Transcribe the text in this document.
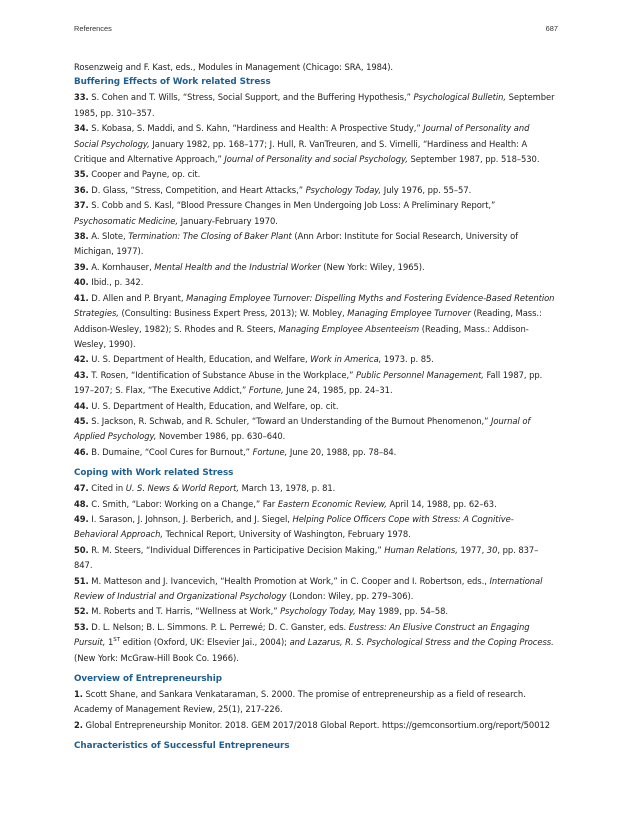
References	687

Rosenzweig and F. Kast, eds., Modules in Management (Chicago: SRA, 1984).

Buffering Effects of Work related Stress

33. S. Cohen and T. Wills, “Stress, Social Support, and the Buffering Hypothesis,” Psychological Bulletin, September 1985, pp. 310–357.

34. S. Kobasa, S. Maddi, and S. Kahn, “Hardiness and Health: A Prospective Study,” Journal of Personality and Social Psychology, January 1982, pp. 168–177; J. Hull, R. VanTreuren, and S. Virnelli, “Hardiness and Health: A Critique and Alternative Approach,” Journal of Personality and social Psychology, September 1987, pp. 518–530.

35. Cooper and Payne, op. cit.

36. D. Glass, “Stress, Competition, and Heart Attacks,” Psychology Today, July 1976, pp. 55–57.

37. S. Cobb and S. Kasl, “Blood Pressure Changes in Men Undergoing Job Loss: A Preliminary Report,” Psychosomatic Medicine, January-February 1970.

38. A. Slote, Termination: The Closing of Baker Plant (Ann Arbor: Institute for Social Research, University of Michigan, 1977).

39. A. Kornhauser, Mental Health and the Industrial Worker (New York: Wiley, 1965).

40. Ibid., p. 342.

41. D. Allen and P. Bryant, Managing Employee Turnover: Dispelling Myths and Fostering Evidence-Based Retention Strategies, (Consulting: Business Expert Press, 2013); W. Mobley, Managing Employee Turnover (Reading, Mass.: Addison-Wesley, 1982); S. Rhodes and R. Steers, Managing Employee Absenteeism (Reading, Mass.: Addison-Wesley, 1990).

42. U. S. Department of Health, Education, and Welfare, Work in America, 1973. p. 85.

43. T. Rosen, “Identification of Substance Abuse in the Workplace,” Public Personnel Management, Fall 1987, pp. 197–207; S. Flax, “The Executive Addict,” Fortune, June 24, 1985, pp. 24–31.

44. U. S. Department of Health, Education, and Welfare, op. cit.

45. S. Jackson, R. Schwab, and R. Schuler, “Toward an Understanding of the Burnout Phenomenon,” Journal of Applied Psychology, November 1986, pp. 630–640.

46. B. Dumaine, “Cool Cures for Burnout,” Fortune, June 20, 1988, pp. 78–84.

Coping with Work related Stress

47. Cited in U. S. News & World Report, March 13, 1978, p. 81.

48. C. Smith, “Labor: Working on a Change,” Far Eastern Economic Review, April 14, 1988, pp. 62–63.

49. I. Sarason, J. Johnson, J. Berberich, and J. Siegel, Helping Police Officers Cope with Stress: A Cognitive-Behavioral Approach, Technical Report, University of Washington, February 1978.

50. R. M. Steers, “Individual Differences in Participative Decision Making,” Human Relations, 1977, 30, pp. 837–847.

51. M. Matteson and J. Ivancevich, “Health Promotion at Work,” in C. Cooper and I. Robertson, eds., International Review of Industrial and Organizational Psychology (London: Wiley, pp. 279–306).

52. M. Roberts and T. Harris, “Wellness at Work,” Psychology Today, May 1989, pp. 54–58.

53. D. L. Nelson; B. L. Simmons. P. L. Perrewé; D. C. Ganster, eds. Eustress: An Elusive Construct an Engaging Pursuit, 1ST edition (Oxford, UK: Elsevier Jai., 2004); and Lazarus, R. S. Psychological Stress and the Coping Process. (New York: McGraw-Hill Book Co. 1966).

Overview of Entrepreneurship

1. Scott Shane, and Sankara Venkataraman, S. 2000. The promise of entrepreneurship as a field of research. Academy of Management Review, 25(1), 217-226.

2. Global Entrepreneurship Monitor. 2018. GEM 2017/2018 Global Report. https://gemconsortium.org/report/50012

Characteristics of Successful Entrepreneurs
